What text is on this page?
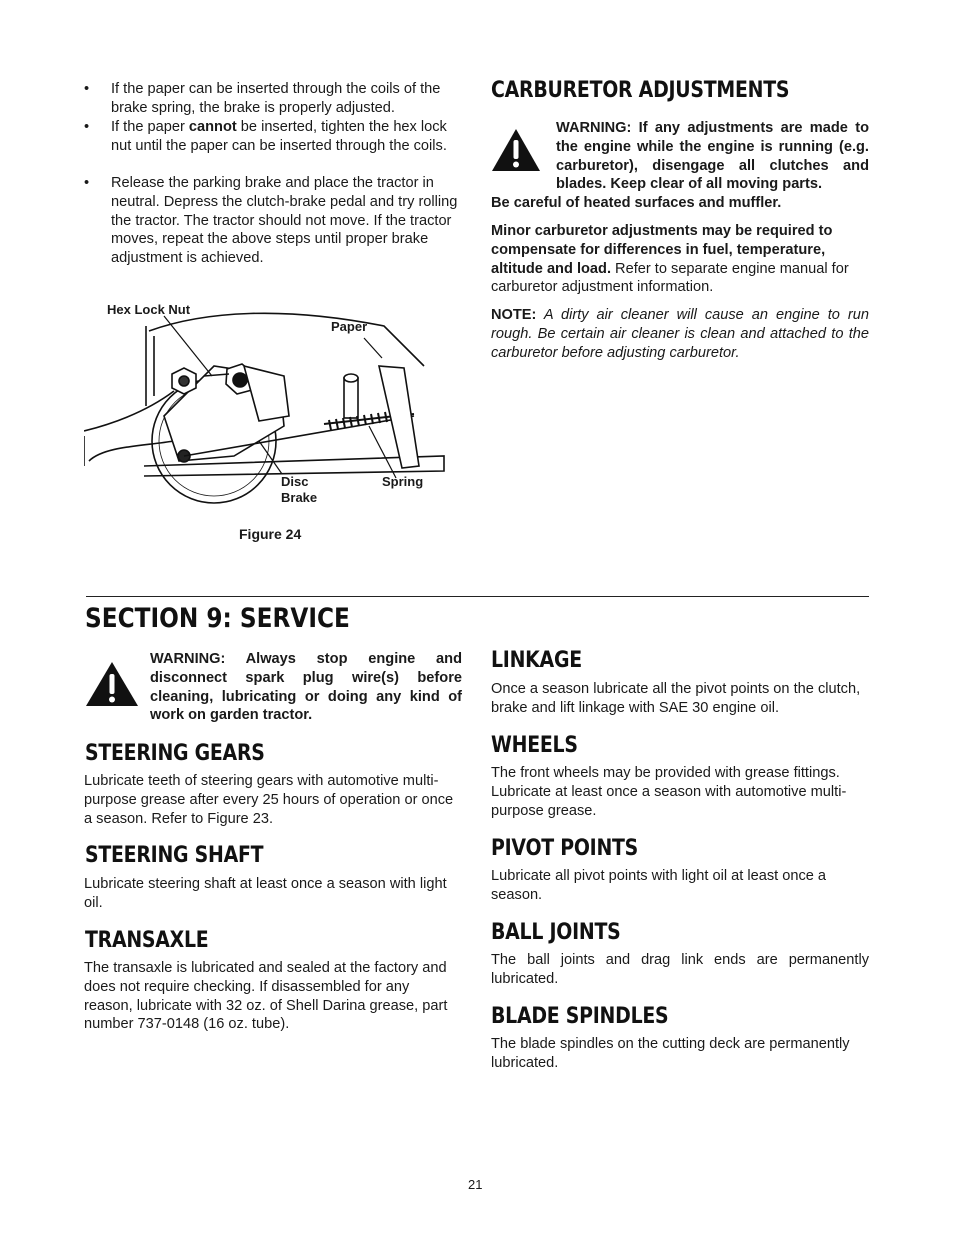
• If the paper can be inserted through the coils of the brake spring, the brake is properly adjusted.
• If the paper cannot be inserted, tighten the hex lock nut until the paper can be inserted through the coils.
• Release the parking brake and place the tractor in neutral. Depress the clutch-brake pedal and try rolling the tractor. The tractor should not move. If the tractor moves, repeat the above steps until proper brake adjustment is achieved.
Hex Lock Nut
Paper
Disc
Brake
Spring
Figure 24
CARBURETOR ADJUSTMENTS
WARNING: If any adjustments are made to the engine while the engine is running (e.g. carburetor), disengage all clutches and blades. Keep clear of all moving parts.
Be careful of heated surfaces and muffler.
Minor carburetor adjustments may be required to compensate for differences in fuel, temperature, altitude and load. Refer to separate engine manual for carburetor adjustment information.
NOTE: A dirty air cleaner will cause an engine to run rough. Be certain air cleaner is clean and attached to the carburetor before adjusting carburetor.
SECTION 9: SERVICE
WARNING: Always stop engine and disconnect spark plug wire(s) before cleaning, lubricating or doing any kind of work on garden tractor.
STEERING GEARS
Lubricate teeth of steering gears with automotive multi-purpose grease after every 25 hours of operation or once a season. Refer to Figure 23.
STEERING SHAFT
Lubricate steering shaft at least once a season with light oil.
TRANSAXLE
The transaxle is lubricated and sealed at the factory and does not require checking. If disassembled for any reason, lubricate with 32 oz. of Shell Darina grease, part number 737-0148 (16 oz. tube).
LINKAGE
Once a season lubricate all the pivot points on the clutch, brake and lift linkage with SAE 30 engine oil.
WHEELS
The front wheels may be provided with grease fittings. Lubricate at least once a season with automotive multi-purpose grease.
PIVOT POINTS
Lubricate all pivot points with light oil at least once a season.
BALL JOINTS
The ball joints and drag link ends are permanently lubricated.
BLADE SPINDLES
The blade spindles on the cutting deck are permanently lubricated.
21
